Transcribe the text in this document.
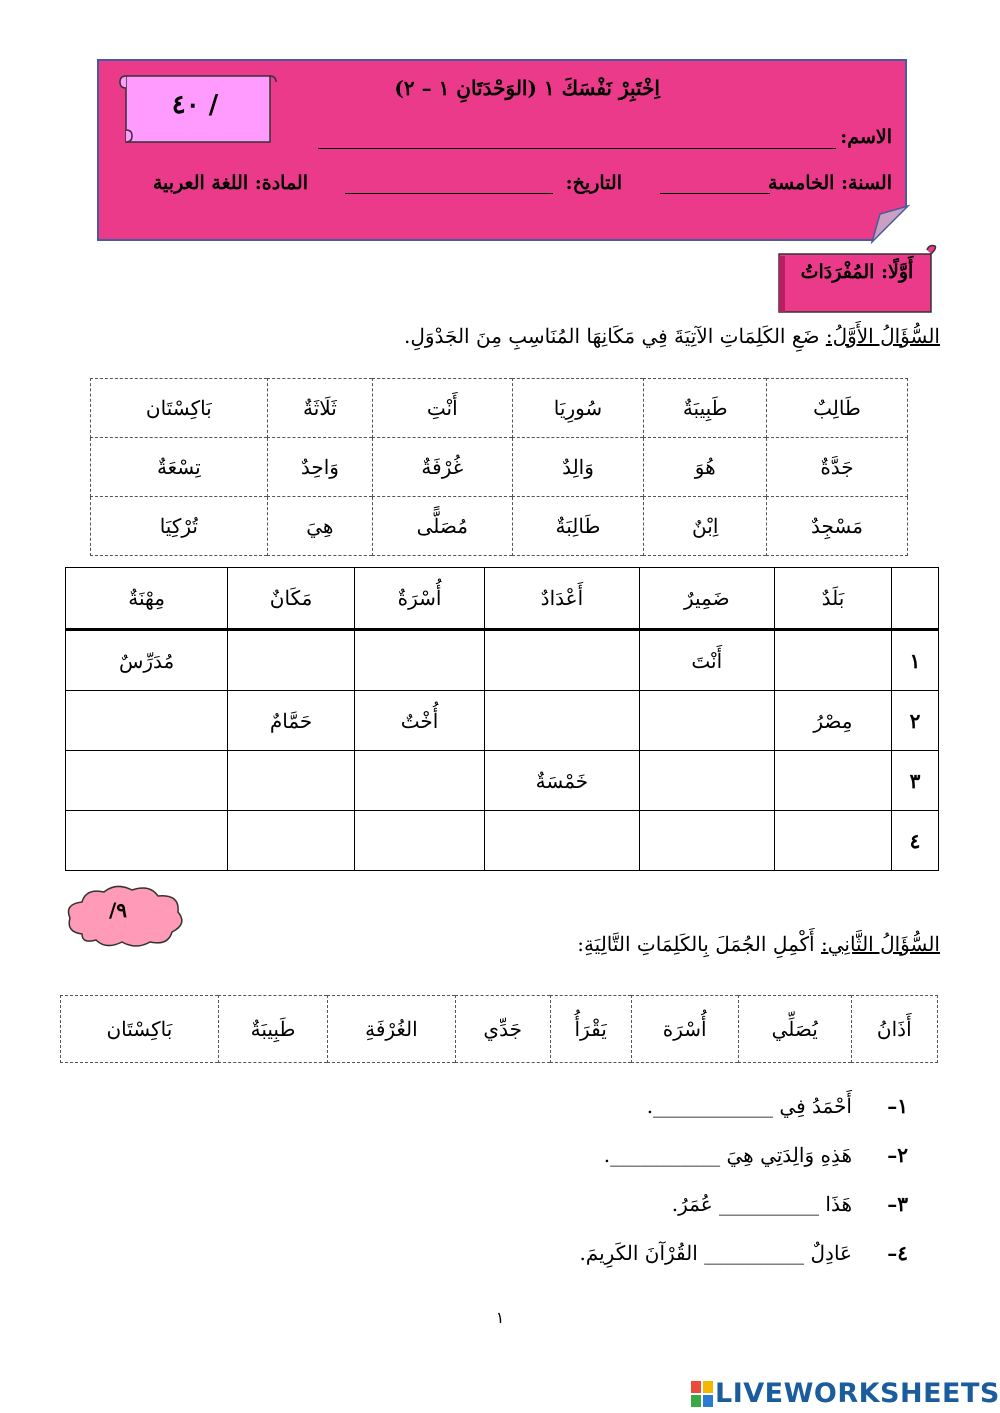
/ ٤٠
اِخْتَبِرْ نَفْسَكَ ١ (الوَحْدَتَانِ ١ – ٢)
الاسم:
السنة: الخامسة
التاريخ:
المادة: اللغة العربية
أَوَّلًا: المُفْرَدَاتُ
السُّؤَالُ الأَوَّلُ: ضَعِ الكَلِمَاتِ الآتِيَةَ فِي مَكَانِهَا المُنَاسِبِ مِنَ الجَدْوَلِ.
طَالِبٌ	طَبِيبَةٌ	سُورِيَا	أَنْتِ	ثَلَاثَةٌ	بَاكِسْتَان
جَدَّةٌ	هُوَ	وَالِدٌ	غُرْفَةٌ	وَاحِدٌ	تِسْعَةٌ
مَسْجِدٌ	اِبْنٌ	طَالِبَةٌ	مُصَلًّى	هِيَ	تُرْكِيَا
	بَلَدٌ	ضَمِيرٌ	أَعْدَادٌ	أُسْرَةٌ	مَكَانٌ	مِهْنَةٌ
١		أَنْتَ				مُدَرِّسٌ
٢	مِصْرُ			أُخْتٌ	حَمَّامٌ	
٣			خَمْسَةٌ			
٤						
٩/
السُّؤَالُ الثَّانِي: أَكْمِلِ الجُمَلَ بِالكَلِمَاتِ التَّالِيَةِ:
أَذَانُ	يُصَلِّي	أُسْرَة	يَقْرَأُ	جَدِّي	الغُرْفَةِ	طَبِيبَةٌ	بَاكِسْتَان
١–
أَحْمَدُ فِي ____________.
٢–
هَذِهِ وَالِدَتِي هِيَ ___________.
٣–
هَذَا __________ عُمَرُ.
٤–
عَادِلٌ __________ القُرْآنَ الكَرِيمَ.
١
LIVEWORKSHEETS
